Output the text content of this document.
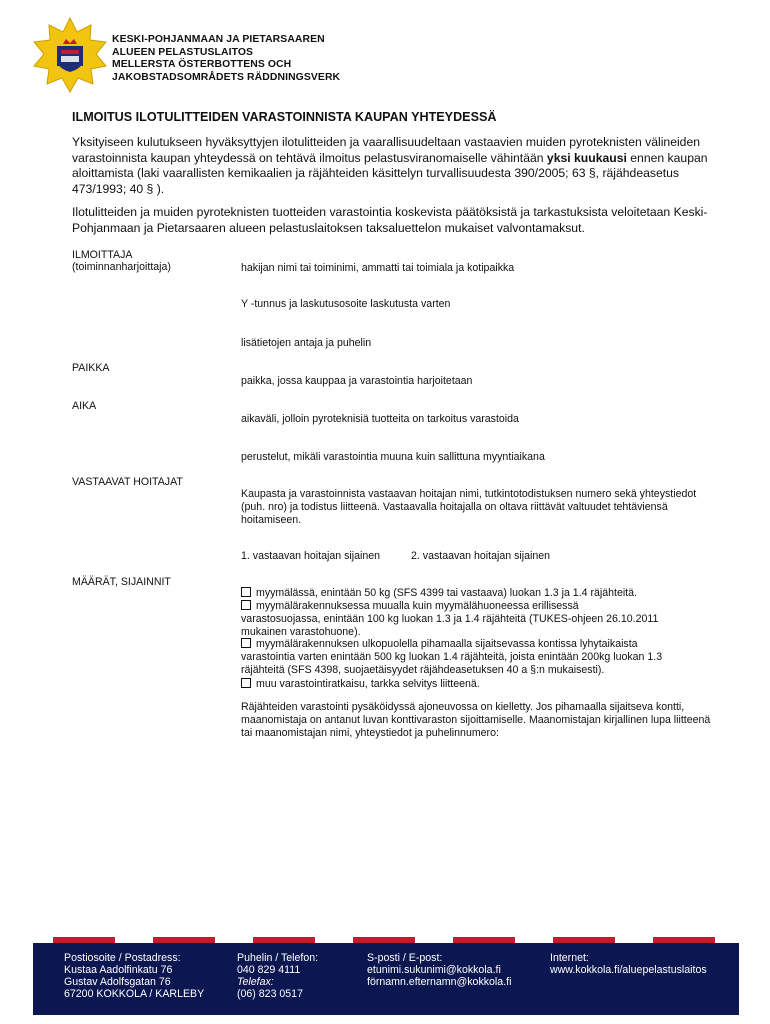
KESKI-POHJANMAAN JA PIETARSAAREN
ALUEEN PELASTUSLAITOS
MELLERSTA ÖSTERBOTTENS OCH
JAKOBSTADSOMRÅDETS RÄDDNINGSVERK
ILMOITUS ILOTULITTEIDEN VARASTOINNISTA KAUPAN YHTEYDESSÄ
Yksityiseen kulutukseen hyväksyttyjen ilotulitteiden ja vaarallisuudeltaan vastaavien muiden pyroteknisten välineiden varastoinnista kaupan yhteydessä on tehtävä ilmoitus pelastusviranomaiselle vähintään yksi kuukausi ennen kaupan aloittamista (laki vaarallisten kemikaalien ja räjähteiden käsittelyn turvallisuudesta 390/2005; 63 §, räjähdeasetus 473/1993; 40 § ).
Ilotulitteiden ja muiden pyroteknisten tuotteiden varastointia koskevista päätöksistä ja tarkastuksista veloitetaan Keski-Pohjanmaan ja Pietarsaaren alueen pelastuslaitoksen taksaluettelon mukaiset valvontamaksut.
ILMOITTAJA
(toiminnanharjoittaja)	hakijan nimi tai toiminimi, ammatti tai toimiala ja kotipaikka
Y -tunnus ja laskutusosoite laskutusta varten
lisätietojen antaja ja puhelin
PAIKKA
paikka, jossa kauppaa ja varastointia harjoitetaan
AIKA
aikaväli, jolloin pyroteknisiä tuotteita on tarkoitus varastoida
perustelut, mikäli varastointia muuna kuin sallittuna myyntiaikana
VASTAAVAT HOITAJAT
Kaupasta ja varastoinnista vastaavan hoitajan nimi, tutkintotodistuksen numero sekä yhteystiedot (puh. nro) ja todistus liitteenä. Vastaavalla hoitajalla on oltava riittävät valtuudet tehtäviensä hoitamiseen.
1. vastaavan hoitajan sijainen	2. vastaavan hoitajan sijainen
MÄÄRÄT, SIJAINNIT
myymälässä, enintään 50 kg (SFS 4399 tai vastaava) luokan 1.3 ja 1.4 räjähteitä.
myymälärakennuksessa muualla kuin myymälähuoneessa erillisessä
varastosuojassa, enintään 100 kg luokan 1.3 ja 1.4 räjähteitä (TUKES-ohjeen 26.10.2011
mukainen varastohuone).
myymälärakennuksen ulkopuolella pihamaalla sijaitsevassa kontissa lyhytaikaista
varastointia varten enintään 500 kg luokan 1.4 räjähteitä, joista enintään 200kg luokan 1.3
räjähteitä (SFS 4398, suojaetäisyydet räjähdeasetuksen 40 a §:n mukaisesti).
muu varastointiratkaisu, tarkka selvitys liitteenä.
Räjähteiden varastointi pysäköidyssä ajoneuvossa on kielletty. Jos pihamaalla sijaitseva kontti, maanomistaja on antanut luvan konttivaraston sijoittamiselle. Maanomistajan kirjallinen lupa liitteenä tai maanomistajan nimi, yhteystiedot ja puhelinnumero:
Postiosoite / Postadress:
Kustaa Aadolfinkatu 76
Gustav Adolfsgatan 76
67200 KOKKOLA / KARLEBY
Puhelin / Telefon:
040 829 4111
Telefax:
(06) 823 0517
S-posti / E-post:
etunimi.sukunimi@kokkola.fi
förnamn.efternamn@kokkola.fi
Internet:
www.kokkola.fi/aluepelastuslaitos
